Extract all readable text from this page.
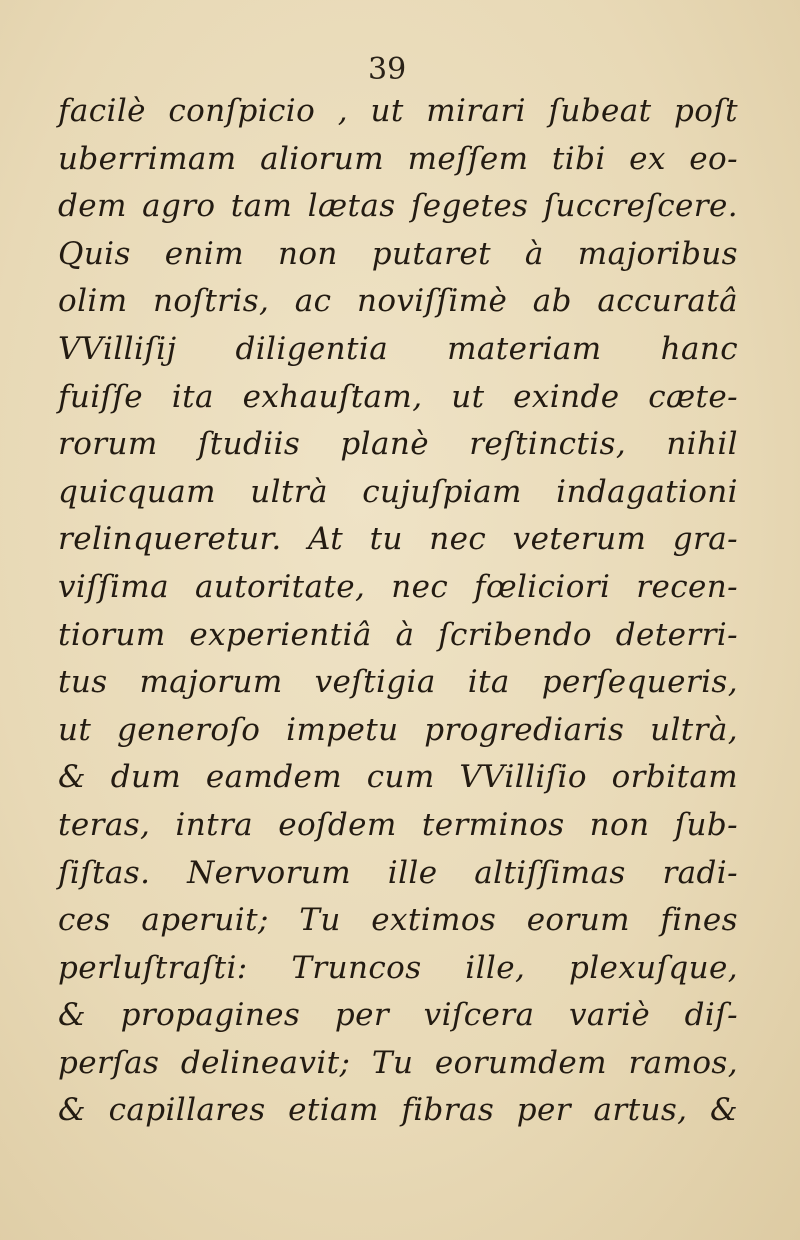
39
facilè conſpicio , ut mirari ſubeat poſt
uberrimam aliorum meſſem tibi ex eo-
dem agro tam lætas ſegetes ſuccreſcere.
Quis enim non putaret à majoribus
olim noſtris, ac noviſſimè ab accuratâ
VVilliſij diligentia materiam hanc
fuiſſe ita exhauſtam, ut exinde cæte-
rorum ſtudiis planè reſtinctis, nihil
quicquam ultrà cujuſpiam indagationi
relinqueretur. At tu nec veterum gra-
viſſima autoritate, nec fœliciori recen-
tiorum experientiâ à ſcribendo deterri-
tus majorum veſtigia ita perſequeris,
ut generoſo impetu progrediaris ultrà,
& dum eamdem cum VVilliſio orbitam
teras, intra eoſdem terminos non ſub-
ſiſtas. Nervorum ille altiſſimas radi-
ces aperuit; Tu extimos eorum fines
perluſtraſti: Truncos ille, plexuſque,
& propagines per viſcera variè diſ-
perſas delineavit; Tu eorumdem ramos,
& capillares etiam fibras per artus, &
